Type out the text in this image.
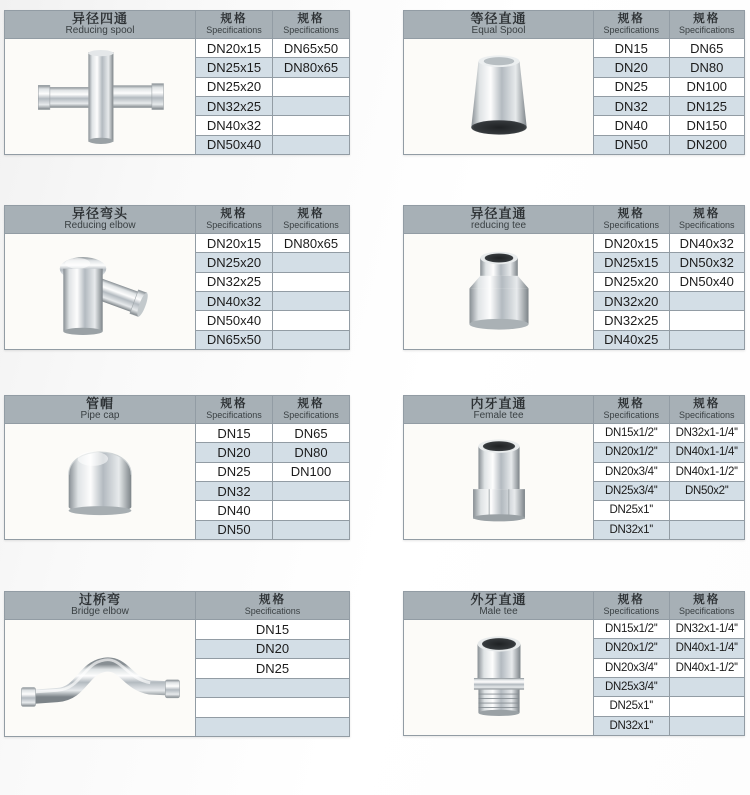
异径四通
Reducing spool
规格
Specifications
规格
Specifications
DN20x15	DN65x50
DN25x15	DN80x65
DN25x20
DN32x25
DN40x32
DN50x40
等径直通
Equal Spool
规格
Specifications
规格
Specifications
DN15	DN65
DN20	DN80
DN25	DN100
DN32	DN125
DN40	DN150
DN50	DN200
异径弯头
Reducing elbow
规格
Specifications
规格
Specifications
DN20x15	DN80x65
DN25x20
DN32x25
DN40x32
DN50x40
DN65x50
异径直通
reducing tee
规格
Specifications
规格
Specifications
DN20x15	DN40x32
DN25x15	DN50x32
DN25x20	DN50x40
DN32x20
DN32x25
DN40x25
管帽
Pipe cap
规格
Specifications
规格
Specifications
DN15	DN65
DN20	DN80
DN25	DN100
DN32
DN40
DN50
内牙直通
Female tee
规格
Specifications
规格
Specifications
DN15x1/2''	DN32x1-1/4''
DN20x1/2''	DN40x1-1/4''
DN20x3/4''	DN40x1-1/2''
DN25x3/4''	DN50x2''
DN25x1''
DN32x1''
过桥弯
Bridge elbow
规格
Specifications
DN15
DN20
DN25
外牙直通
Male tee
规格
Specifications
规格
Specifications
DN15x1/2''	DN32x1-1/4''
DN20x1/2''	DN40x1-1/4''
DN20x3/4''	DN40x1-1/2''
DN25x3/4''
DN25x1''
DN32x1''
